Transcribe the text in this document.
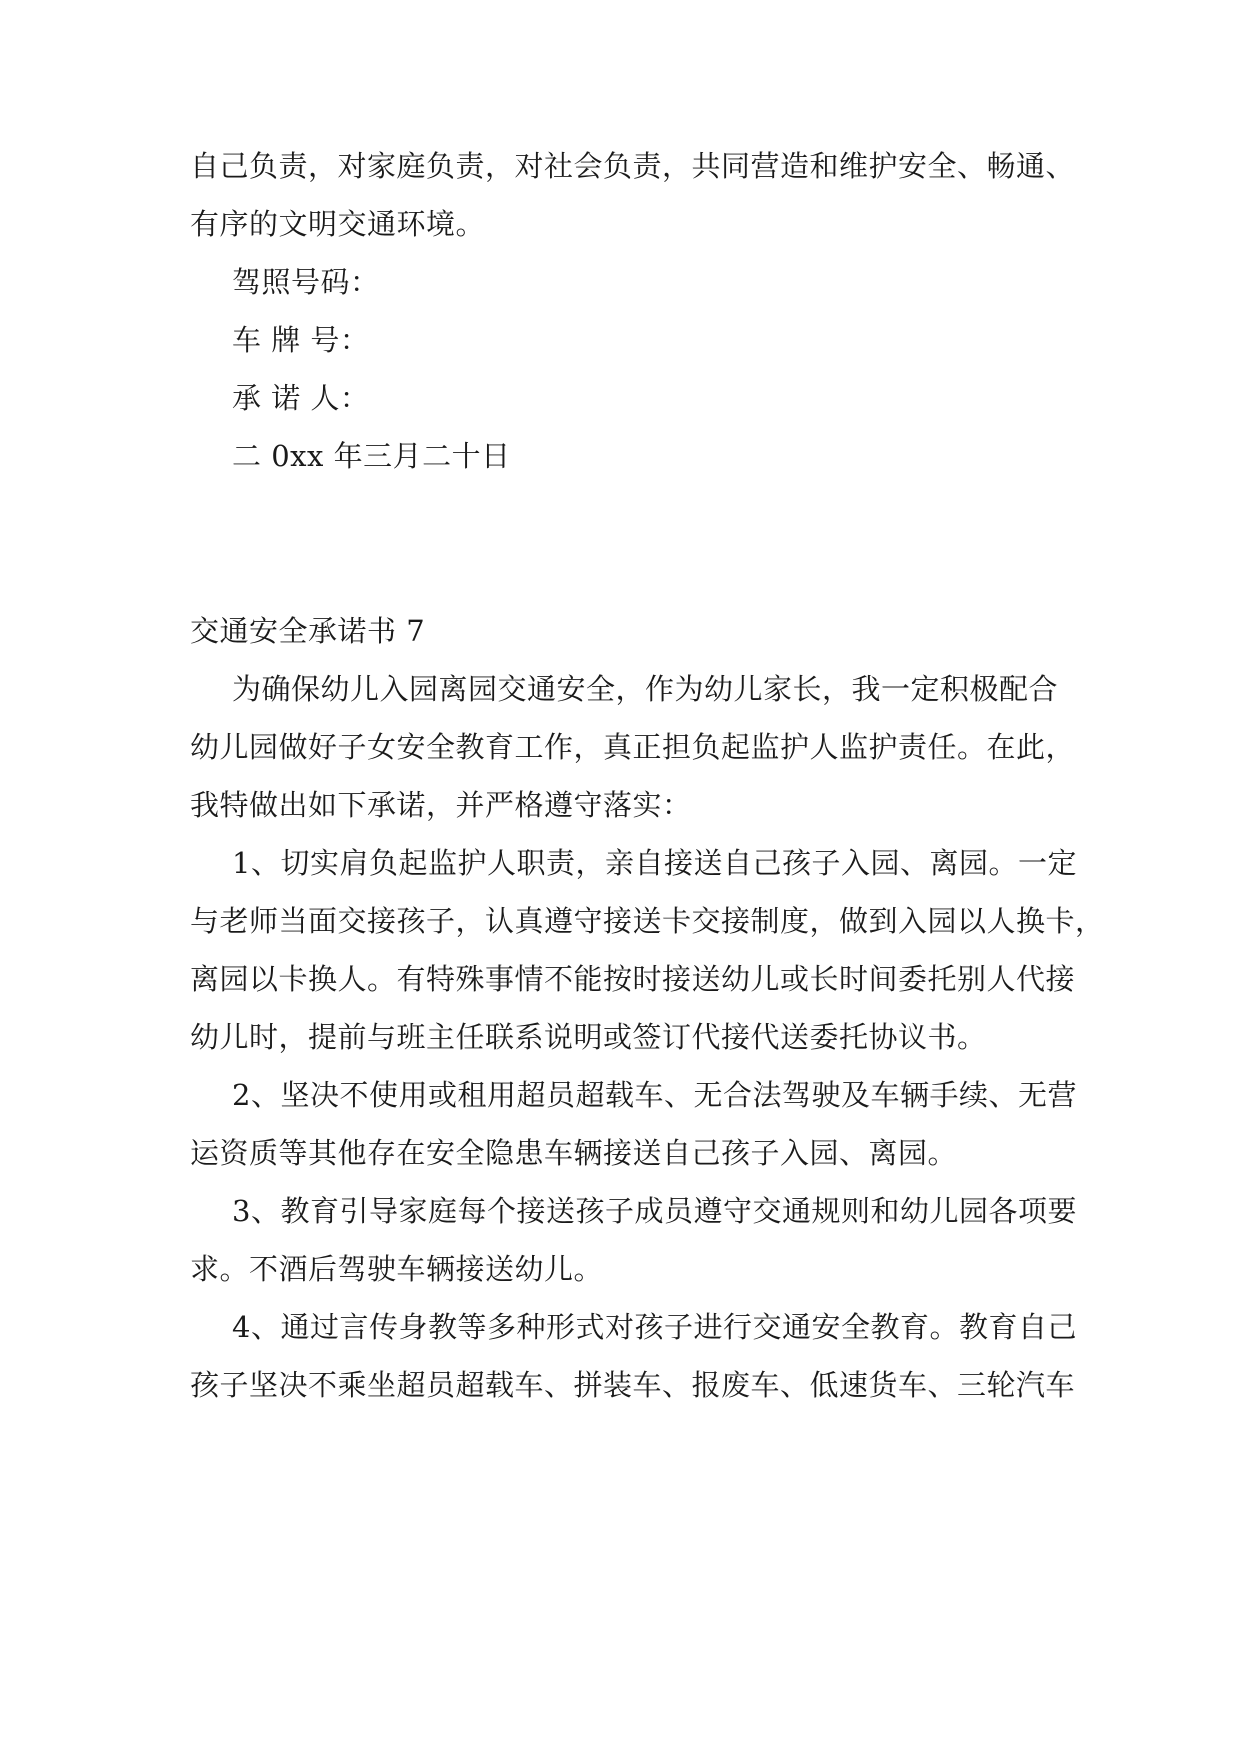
自己负责，对家庭负责，对社会负责，共同营造和维护安全、畅通、
有序的文明交通环境。
驾照号码：
车 牌 号：
承 诺 人：
二 0xx 年三月二十日
交通安全承诺书 7
为确保幼儿入园离园交通安全，作为幼儿家长，我一定积极配合
幼儿园做好子女安全教育工作，真正担负起监护人监护责任。在此，
我特做出如下承诺，并严格遵守落实：
1、切实肩负起监护人职责，亲自接送自己孩子入园、离园。一定
与老师当面交接孩子，认真遵守接送卡交接制度，做到入园以人换卡，
离园以卡换人。有特殊事情不能按时接送幼儿或长时间委托别人代接
幼儿时，提前与班主任联系说明或签订代接代送委托协议书。
2、坚决不使用或租用超员超载车、无合法驾驶及车辆手续、无营
运资质等其他存在安全隐患车辆接送自己孩子入园、离园。
3、教育引导家庭每个接送孩子成员遵守交通规则和幼儿园各项要
求。不酒后驾驶车辆接送幼儿。
4、通过言传身教等多种形式对孩子进行交通安全教育。教育自己
孩子坚决不乘坐超员超载车、拼装车、报废车、低速货车、三轮汽车
